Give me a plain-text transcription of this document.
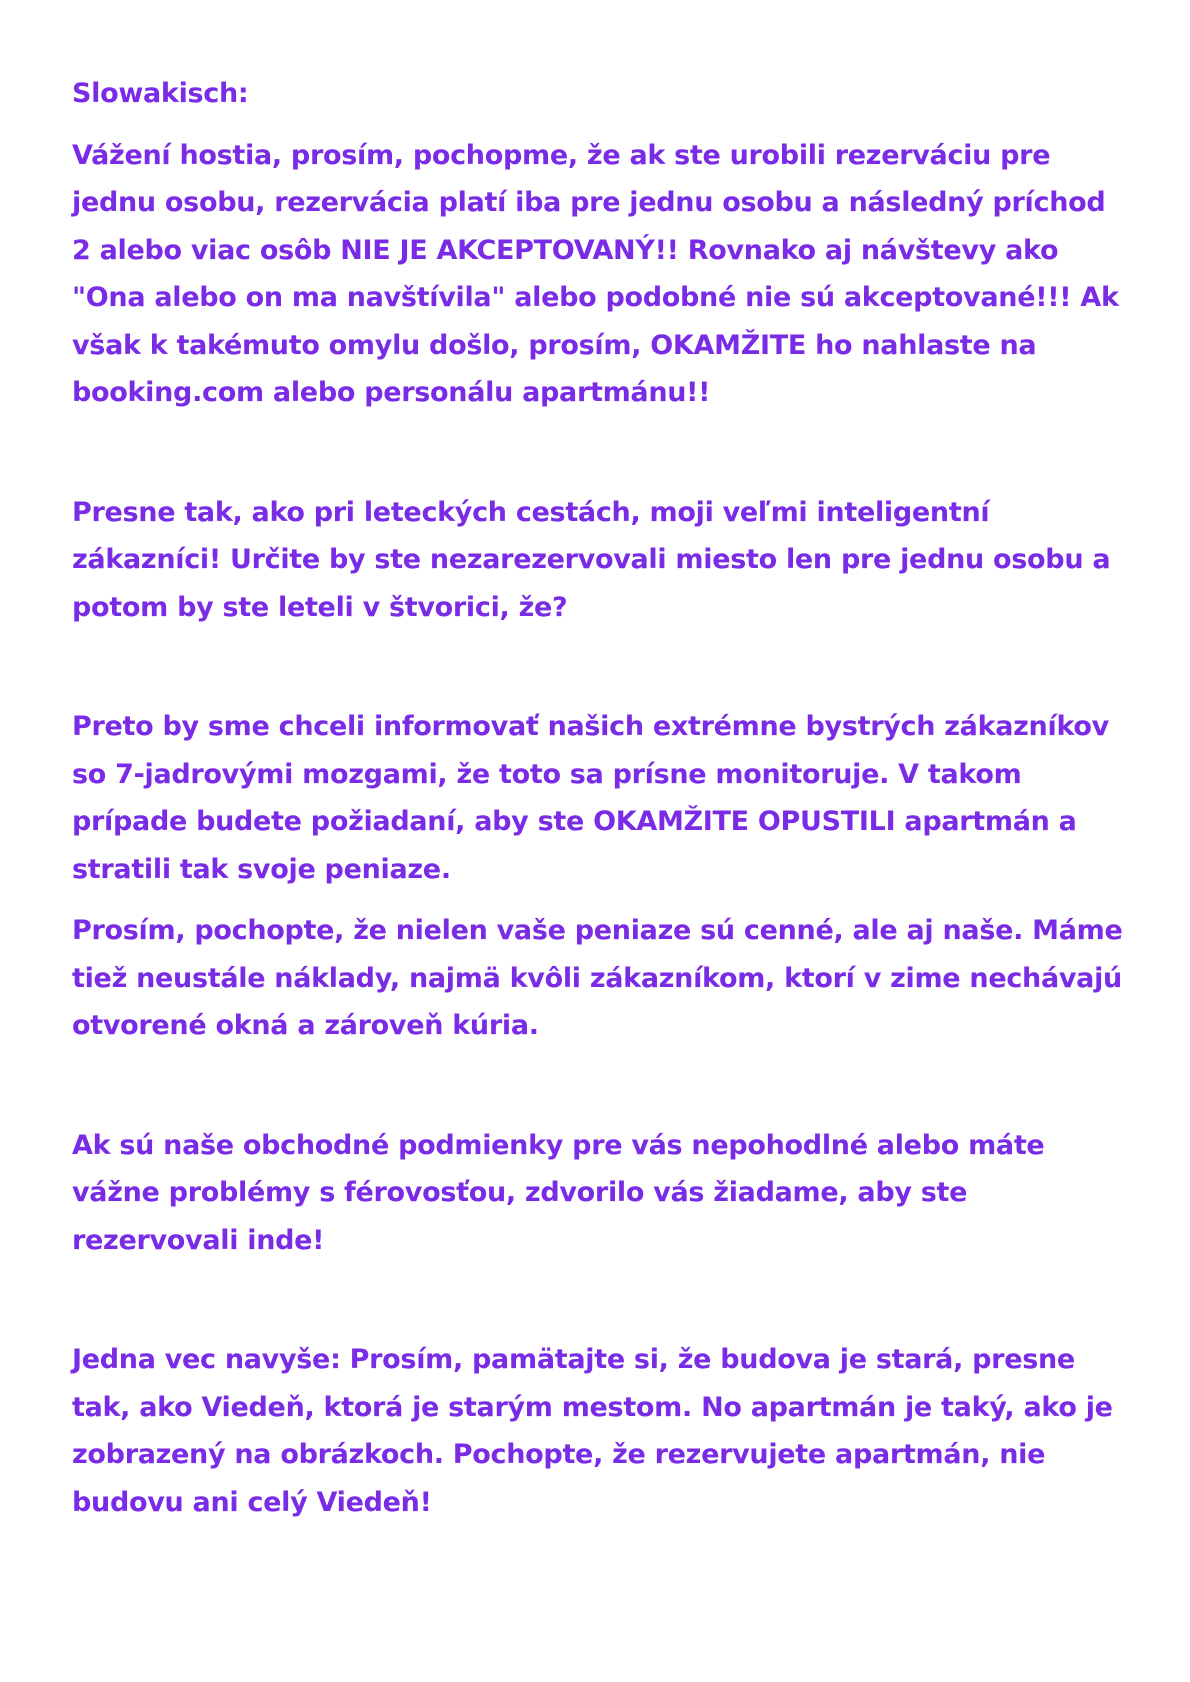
Slowakisch:

Vážení hostia, prosím, pochopme, že ak ste urobili rezerváciu pre jednu osobu, rezervácia platí iba pre jednu osobu a následný príchod 2 alebo viac osôb NIE JE AKCEPTOVANÝ!! Rovnako aj návštevy ako "Ona alebo on ma navštívila" alebo podobné nie sú akceptované!!! Ak však k takémuto omylu došlo, prosím, OKAMŽITE ho nahlaste na booking.com alebo personálu apartmánu!!

Presne tak, ako pri leteckých cestách, moji veľmi inteligentní zákazníci! Určite by ste nezarezervovali miesto len pre jednu osobu a potom by ste leteli v štvorici, že?

Preto by sme chceli informovať našich extrémne bystrých zákazníkov so 7-jadrovými mozgami, že toto sa prísne monitoruje. V takom prípade budete požiadaní, aby ste OKAMŽITE OPUSTILI apartmán a stratili tak svoje peniaze.

Prosím, pochopte, že nielen vaše peniaze sú cenné, ale aj naše. Máme tiež neustále náklady, najmä kvôli zákazníkom, ktorí v zime nechávajú otvorené okná a zároveň kúria.

Ak sú naše obchodné podmienky pre vás nepohodlné alebo máte vážne problémy s férovosťou, zdvorilo vás žiadame, aby ste rezervovali inde!

Jedna vec navyše: Prosím, pamätajte si, že budova je stará, presne tak, ako Viedeň, ktorá je starým mestom. No apartmán je taký, ako je zobrazený na obrázkoch. Pochopte, že rezervujete apartmán, nie budovu ani celý Viedeň!
